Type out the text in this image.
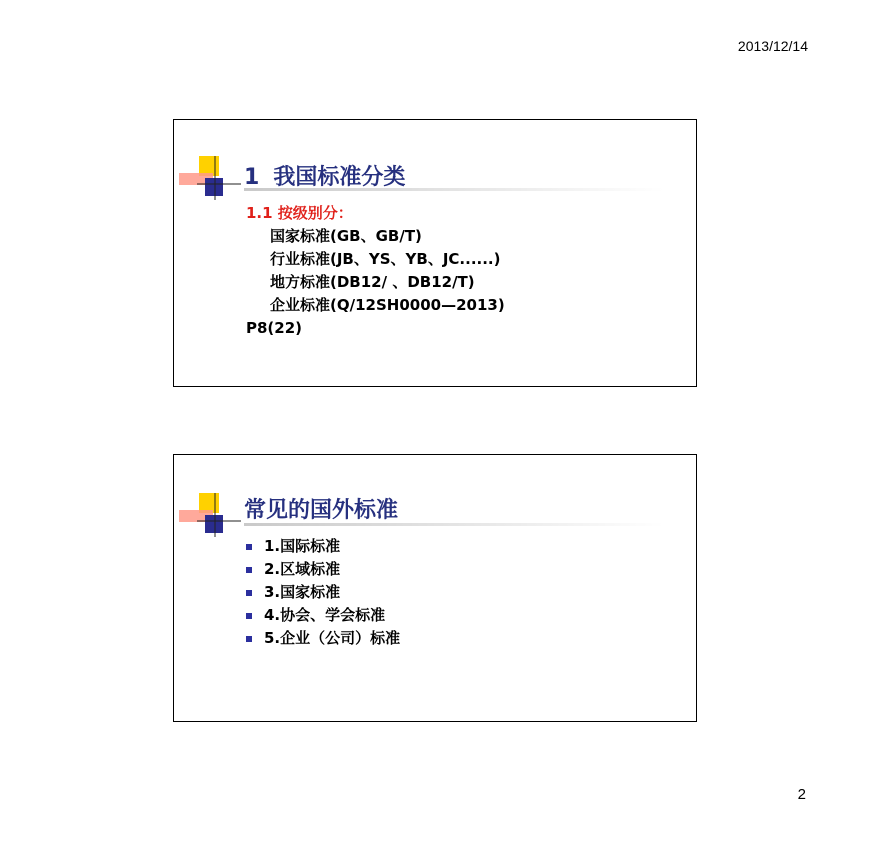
2013/12/14
1 我国标准分类
1.1 按级别分：
国家标准(GB、GB/T)
行业标准(JB、YS、YB、JC......)
地方标准(DB12/ 、DB12/T)
企业标准(Q/12SH0000—2013)
P8(22)
常见的国外标准
1.国际标准
2.区域标准
3.国家标准
4.协会、学会标准
5.企业（公司）标准
2
